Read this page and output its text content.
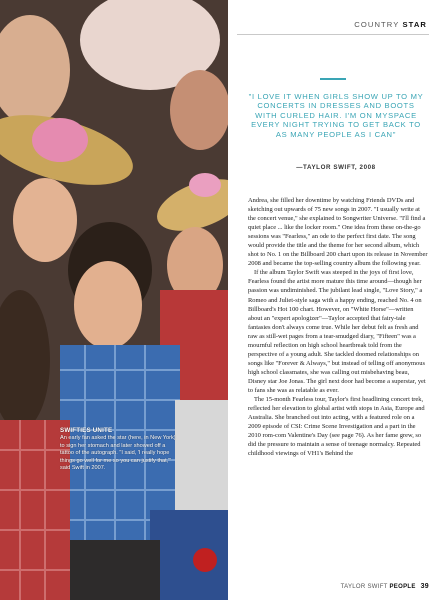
SWIFTIES UNITE
An early fan asked the star (here, in New York) to sign her stomach and later showed off a tattoo of the autograph. "I said, 'I really hope things go well for me so you can justify that,'" said Swift in 2007.
COUNTRY STAR
"I LOVE IT WHEN GIRLS SHOW UP TO MY CONCERTS IN DRESSES AND BOOTS WITH CURLED HAIR. I'M ON MYSPACE EVERY NIGHT TRYING TO GET BACK TO AS MANY PEOPLE AS I CAN"
—TAYLOR SWIFT, 2008

Andrea, she filled her downtime by watching Friends DVDs and sketching out upwards of 75 new songs in 2007. "I usually write at the concert venue," she explained to Songwriter Universe. "I'll find a quiet place ... like the locker room." One idea from these on-the-go sessions was "Fearless," an ode to the perfect first date. The song would provide the title and the theme for her second album, which shot to No. 1 on the Billboard 200 chart upon its release in November 2008 and became the top-selling country album the following year.

If the album Taylor Swift was steeped in the joys of first love, Fearless found the artist more mature this time around—though her passion was undiminished. The jubilant lead single, "Love Story," a Romeo and Juliet-style saga with a happy ending, reached No. 4 on Billboard's Hot 100 chart. However, on "White Horse"—written about an "expert apologizer"—Taylor accepted that fairy-tale fantasies don't always come true. While her debut felt as fresh and raw as still-wet pages from a tear-smudged diary, "Fifteen" was a mournful reflection on high school heartbreak told from the perspective of a young adult. She tackled doomed relationships on songs like "Forever & Always," but instead of telling off anonymous high school classmates, she was calling out misbehaving beau, Disney star Joe Jonas. The girl next door had become a superstar, yet to fans she was as relatable as ever.

The 15-month Fearless tour, Taylor's first headlining concert trek, reflected her elevation to global artist with stops in Asia, Europe and Australia. She branched out into acting, with a featured role on a 2009 episode of CSI: Crime Scene Investigation and a part in the 2010 rom-com Valentine's Day (see page 76). As her fame grew, so did the pressure to maintain a sense of teenage normalcy. Repeated childhood viewings of VH1's Behind the

TAYLOR SWIFT PEOPLE 39
